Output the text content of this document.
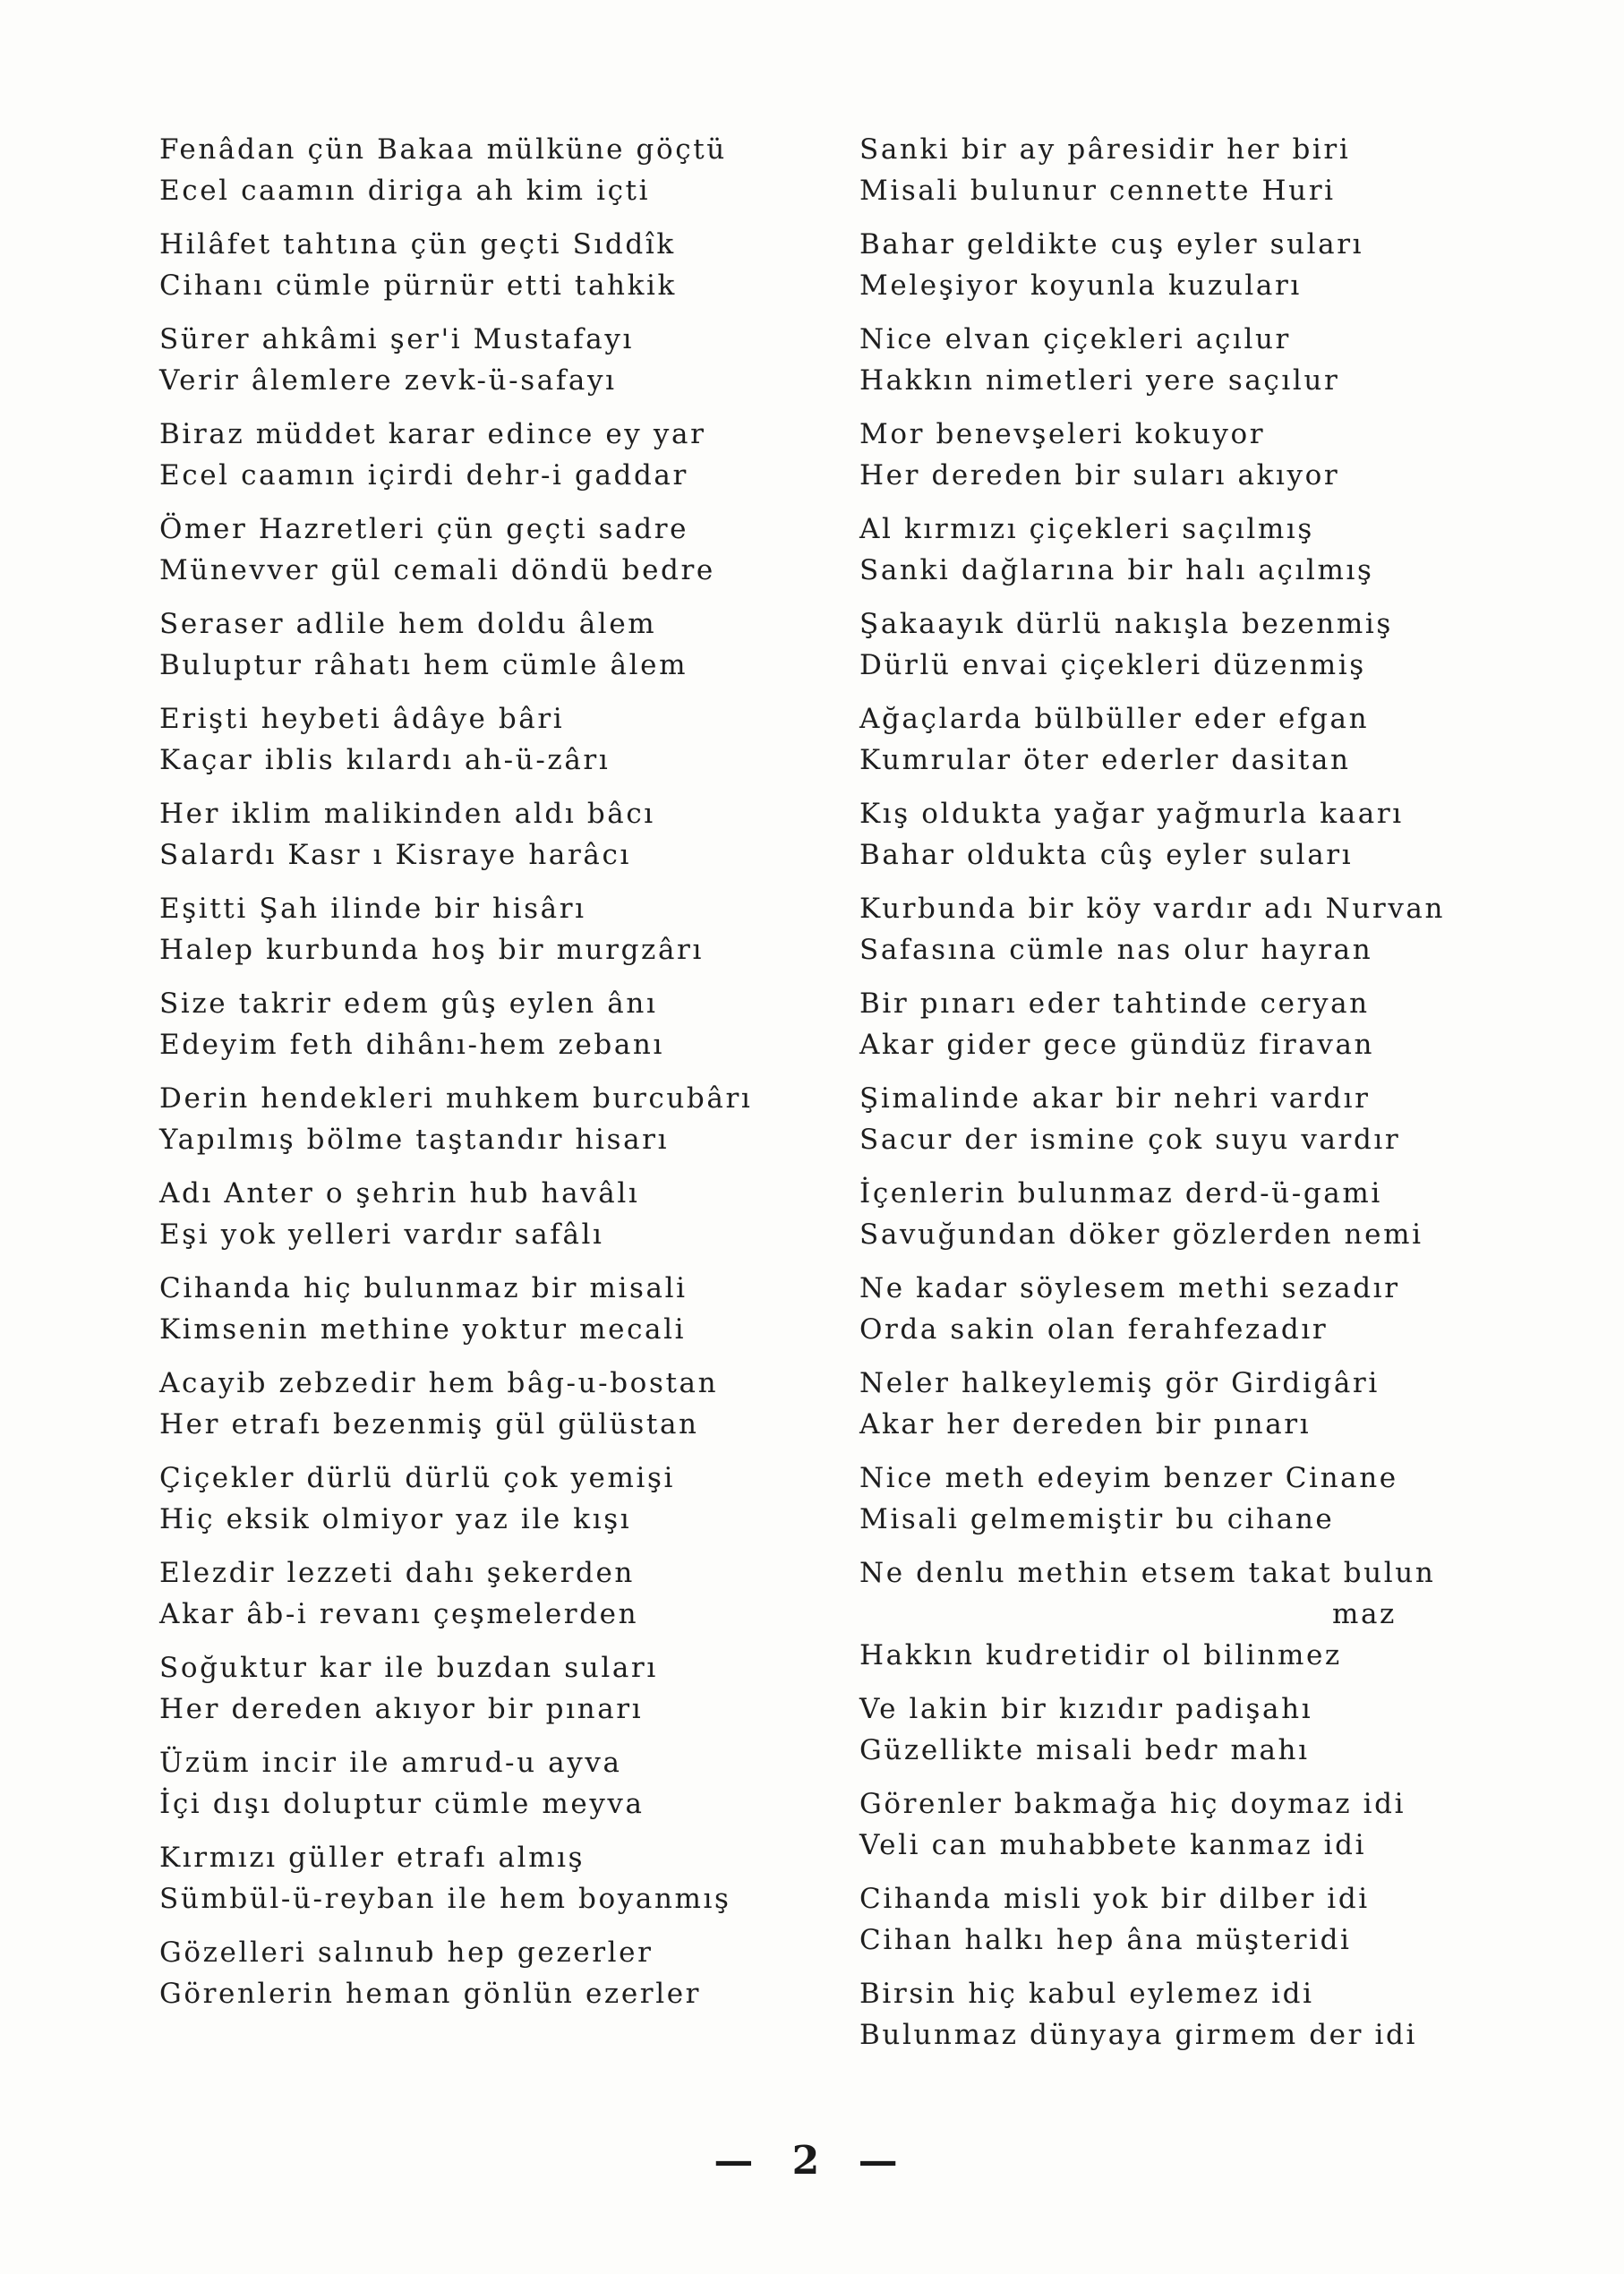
Fenâdan çün Bakaa mülküne göçtü
Ecel caamın diriga ah kim içti
Hilâfet tahtına çün geçti Sıddîk
Cihanı cümle pürnür etti tahkik
Sürer ahkâmi şer'i Mustafayı
Verir âlemlere zevk-ü-safayı
Biraz müddet karar edince ey yar
Ecel caamın içirdi dehr-i gaddar
Ömer Hazretleri çün geçti sadre
Münevver gül cemali döndü bedre
Seraser adlile hem doldu âlem
Buluptur râhatı hem cümle âlem
Erişti heybeti âdâye bâri
Kaçar iblis kılardı ah-ü-zârı
Her iklim malikinden aldı bâcı
Salardı Kasr ı Kisraye harâcı
Eşitti Şah ilinde bir hisârı
Halep kurbunda hoş bir murgzârı
Size takrir edem gûş eylen ânı
Edeyim feth dihânı-hem zebanı
Derin hendekleri muhkem burcubârı
Yapılmış bölme taştandır hisarı
Adı Anter o şehrin hub havâlı
Eşi yok yelleri vardır safâlı
Cihanda hiç bulunmaz bir misali
Kimsenin methine yoktur mecali
Acayib zebzedir hem bâg-u-bostan
Her etrafı bezenmiş gül gülüstan
Çiçekler dürlü dürlü çok yemişi
Hiç eksik olmiyor yaz ile kışı
Elezdir lezzeti dahı şekerden
Akar âb-i revanı çeşmelerden
Soğuktur kar ile buzdan suları
Her dereden akıyor bir pınarı
Üzüm incir ile amrud-u ayva
İçi dışı doluptur cümle meyva
Kırmızı güller etrafı almış
Sümbül-ü-reyban ile hem boyanmış
Gözelleri salınub hep gezerler
Görenlerin heman gönlün ezerler
Sanki bir ay pâresidir her biri
Misali bulunur cennette Huri
Bahar geldikte cuş eyler suları
Meleşiyor koyunla kuzuları
Nice elvan çiçekleri açılur
Hakkın nimetleri yere saçılur
Mor benevşeleri kokuyor
Her dereden bir suları akıyor
Al kırmızı çiçekleri saçılmış
Sanki dağlarına bir halı açılmış
Şakaayık dürlü nakışla bezenmiş
Dürlü envai çiçekleri düzenmiş
Ağaçlarda bülbüller eder efgan
Kumrular öter ederler dasitan
Kış oldukta yağar yağmurla kaarı
Bahar oldukta cûş eyler suları
Kurbunda bir köy vardır adı Nurvan
Safasına cümle nas olur hayran
Bir pınarı eder tahtinde ceryan
Akar gider gece gündüz firavan
Şimalinde akar bir nehri vardır
Sacur der ismine çok suyu vardır
İçenlerin bulunmaz derd-ü-gami
Savuğundan döker gözlerden nemi
Ne kadar söylesem methi sezadır
Orda sakin olan ferahfezadır
Neler halkeylemiş gör Girdigâri
Akar her dereden bir pınarı
Nice meth edeyim benzer Cinane
Misali gelmemiştir bu cihane
Ne denlu methin etsem takat bulun
maz
Hakkın kudretidir ol bilinmez
Ve lakin bir kızıdır padişahı
Güzellikte misali bedr mahı
Görenler bakmağa hiç doymaz idi
Veli can muhabbete kanmaz idi
Cihanda misli yok bir dilber idi
Cihan halkı hep âna müşteridi
Birsin hiç kabul eylemez idi
Bulunmaz dünyaya girmem der idi
— 2 —
